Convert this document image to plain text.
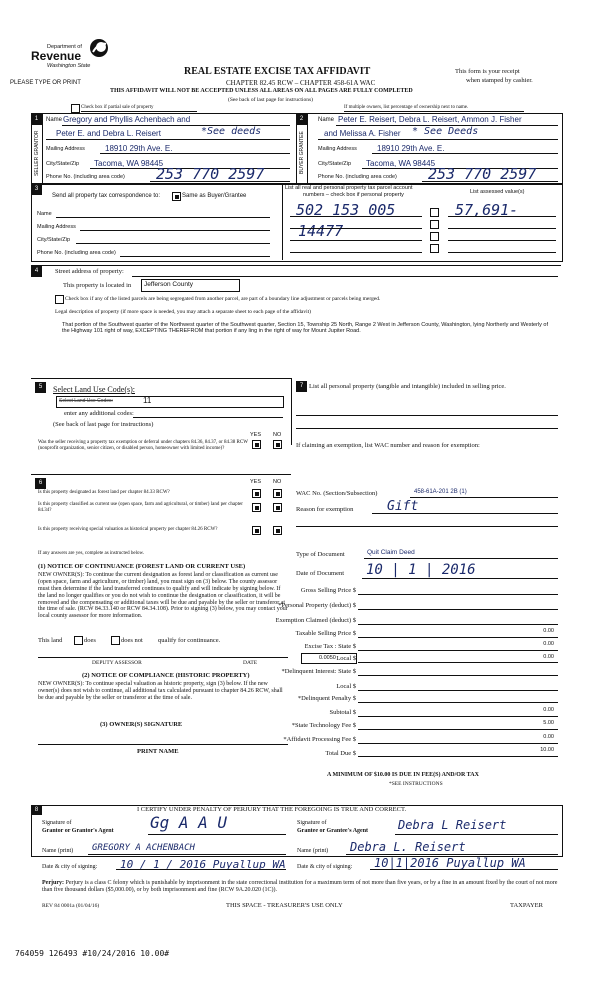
Department of
Revenue
Washington State
PLEASE TYPE OR PRINT
REAL ESTATE EXCISE TAX AFFIDAVIT
CHAPTER 82.45 RCW – CHAPTER 458-61A WAC
THIS AFFIDAVIT WILL NOT BE ACCEPTED UNLESS ALL AREAS ON ALL PAGES ARE FULLY COMPLETED
(See back of last page for instructions)
This form is your receipt
when stamped by cashier.
Check box if partial sale of property	If multiple owners, list percentage of ownership next to name.
1
SELLER GRANTOR
Name Gregory and Phyllis Achenbach and
Peter E. and Debra L. Reisert	*See deeds
Mailing Address	18910 29th Ave. E.
City/State/Zip Tacoma, WA 98445
Phone No. (including area code) 253 770 2597
2
BUYER GRANTEE
Name Peter E. Reisert, Debra L. Reisert, Ammon J. Fisher
and Melissa A. Fisher * See Deeds
Mailing Address	18910 29th Ave. E.
City/State/Zip Tacoma, WA 98445
Phone No. (including area code) 253 770 2597
3
Send all property tax correspondence to:	Same as Buyer/Grantee
Name
Mailing Address
City/State/Zip
Phone No. (including area code)
List all real and personal property tax parcel account
numbers – check box if personal property	List assessed value(s)
502 153 005	57,691-
14477
4	Street address of property:
This property is located in Jefferson County
Check box if any of the listed parcels are being segregated from another parcel, are part of a boundary line adjustment or parcels being merged.
Legal description of property (if more space is needed, you may attach a separate sheet to each page of the affidavit)
That portion of the Southwest quarter of the Northwest quarter of the Southwest quarter, Section 15, Township 25 North, Range 2 West in Jefferson County, Washington, lying Northerly and Westerly of the Highway 101 right of way, EXCEPTING THEREFROM that portion if any ling in the right of way for Mount Jupiter Road.
5	Select Land Use Code(s):
Select Land Use Codes:	11
enter any additional codes:
(See back of last page for instructions)
YES NO
Was the seller receiving a property tax exemption or deferral under chapters 84.36, 84.37, or 84.38 RCW (nonprofit organization, senior citizen, or disabled person, homeowner with limited income)?
6	YES NO
Is this property designated as forest land per chapter 84.33 RCW?
Is this property classified as current use (open space, farm and agricultural, or timber) land per chapter 84.34?
Is this property receiving special valuation as historical property per chapter 84.26 RCW?
If any answers are yes, complete as instructed below.
(1) NOTICE OF CONTINUANCE (FOREST LAND OR CURRENT USE)
NEW OWNER(S): To continue the current designation as forest land or classification as current use (open space, farm and agriculture, or timber) land, you must sign on (3) below. The county assessor must then determine if the land transferred continues to qualify and will indicate by signing below. If the land no longer qualifies or you do not wish to continue the designation or classification, it will be removed and the compensating or additional taxes will be due and payable by the seller or transferor at the time of sale. (RCW 84.33.140 or RCW 84.34.108). Prior to signing (3) below, you may contact your local county assessor for more information.
This land	does	does not qualify for continuance.
DEPUTY ASSESSOR	DATE
(2) NOTICE OF COMPLIANCE (HISTORIC PROPERTY)
NEW OWNER(S): To continue special valuation as historic property, sign (3) below. If the new owner(s) does not wish to continue, all additional tax calculated pursuant to chapter 84.26 RCW, shall be due and payable by the seller or transferor at the time of sale.
(3) OWNER(S) SIGNATURE
PRINT NAME
7 List all personal property (tangible and intangible) included in selling price.
If claiming an exemption, list WAC number and reason for exemption:
WAC No. (Section/Subsection)	458-61A-201 2B (1)
Reason for exemption	Gift
Type of Document	Quit Claim Deed
Date of Document 10 | 1 | 2016
Gross Selling Price $
*Personal Property (deduct) $
Exemption Claimed (deduct) $
Taxable Selling Price $	0.00
Excise Tax : State $	0.00
0.0050 Local $	0.00
*Delinquent Interest: State $
Local $
*Delinquent Penalty $
Subtotal $	0.00
*State Technology Fee $	5.00
*Affidavit Processing Fee $	0.00
Total Due $	10.00
A MINIMUM OF $10.00 IS DUE IN FEE(S) AND/OR TAX
*SEE INSTRUCTIONS
8	I CERTIFY UNDER PENALTY OF PERJURY THAT THE FOREGOING IS TRUE AND CORRECT.
Signature of
Grantor or Grantor's Agent Gg A A U
Name (print) GREGORY A ACHENBACH
Date & city of signing: 10 / 1 / 2016 Puyallup WA
Signature of
Grantee or Grantee's Agent Debra L Reisert
Name (print) Debra L. Reisert
Date & city of signing: 10|1|2016 Puyallup WA
Perjury: Perjury is a class C felony which is punishable by imprisonment in the state correctional institution for a maximum term of not more than five years, or by a fine in an amount fixed by the court of not more than five thousand dollars ($5,000.00), or by both imprisonment and fine (RCW 9A.20.020 (1C)).
REV 84 0001a (01/04/16)	THIS SPACE - TREASURER'S USE ONLY	TAXPAYER
764059 126493 #10/24/2016 10.00#
